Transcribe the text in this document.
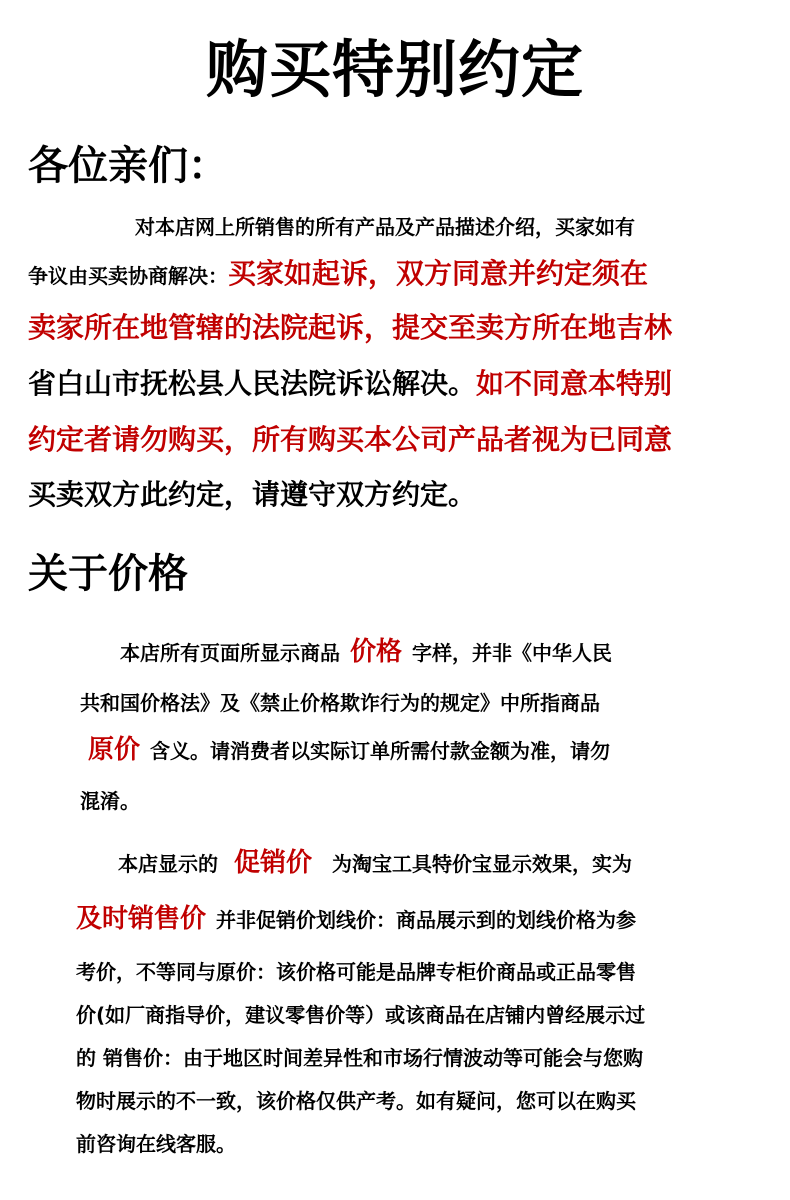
购买特别约定
各位亲们：
对本店网上所销售的所有产品及产品描述介绍，买家如有
争议由买卖协商解决：买家如起诉，双方同意并约定须在
卖家所在地管辖的法院起诉，提交至卖方所在地吉林
省白山市抚松县人民法院诉讼解决。如不同意本特别
约定者请勿购买，所有购买本公司产品者视为已同意
买卖双方此约定，请遵守双方约定。
关于价格
本店所有页面所显示商品 价格 字样，并非《中华人民
共和国价格法》及《禁止价格欺诈行为的规定》中所指商品
原价 含义。请消费者以实际订单所需付款金额为准，请勿
混淆。
本店显示的 促销价 为淘宝工具特价宝显示效果，实为
及时销售价 并非促销价划线价：商品展示到的划线价格为参
考价，不等同与原价：该价格可能是品牌专柜价商品或正品零售
价(如厂商指导价，建议零售价等）或该商品在店铺内曾经展示过
的 销售价：由于地区时间差异性和市场行情波动等可能会与您购
物时展示的不一致，该价格仅供产考。如有疑问，您可以在购买
前咨询在线客服。
